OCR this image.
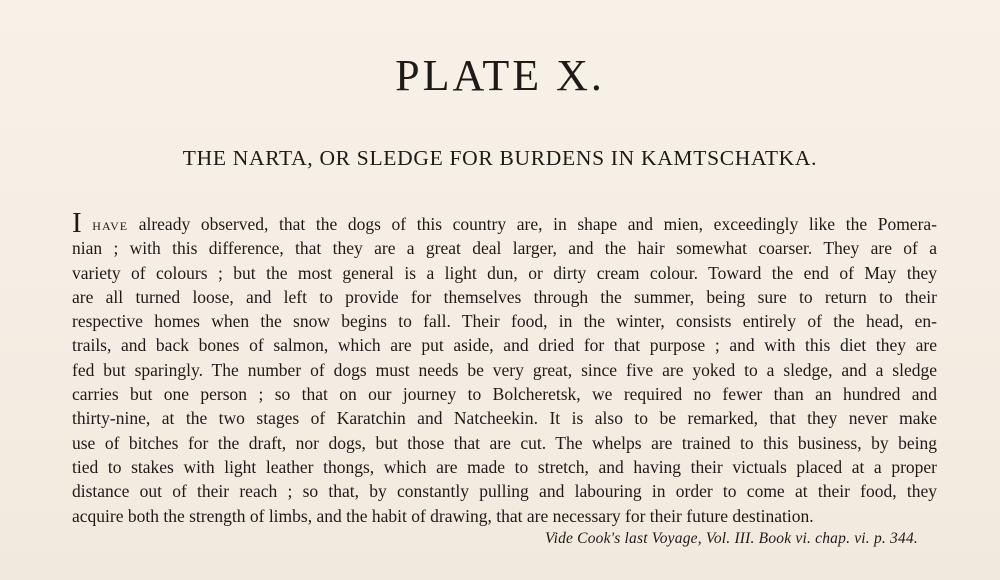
PLATE X.
THE NARTA, OR SLEDGE FOR BURDENS IN KAMTSCHATKA.
I have already observed, that the dogs of this country are, in shape and mien, exceedingly like the Pomera-
nian ; with this difference, that they are a great deal larger, and the hair somewhat coarser. They are of a
variety of colours ; but the most general is a light dun, or dirty cream colour. Toward the end of May they
are all turned loose, and left to provide for themselves through the summer, being sure to return to their
respective homes when the snow begins to fall. Their food, in the winter, consists entirely of the head, en-
trails, and back bones of salmon, which are put aside, and dried for that purpose ; and with this diet they are
fed but sparingly. The number of dogs must needs be very great, since five are yoked to a sledge, and a sledge
carries but one person ; so that on our journey to Bolcheretsk, we required no fewer than an hundred and
thirty-nine, at the two stages of Karatchin and Natcheekin. It is also to be remarked, that they never make
use of bitches for the draft, nor dogs, but those that are cut. The whelps are trained to this business, by being
tied to stakes with light leather thongs, which are made to stretch, and having their victuals placed at a proper
distance out of their reach ; so that, by constantly pulling and labouring in order to come at their food, they
acquire both the strength of limbs, and the habit of drawing, that are necessary for their future destination.
Vide Cook's last Voyage, Vol. III. Book vi. chap. vi. p. 344.
